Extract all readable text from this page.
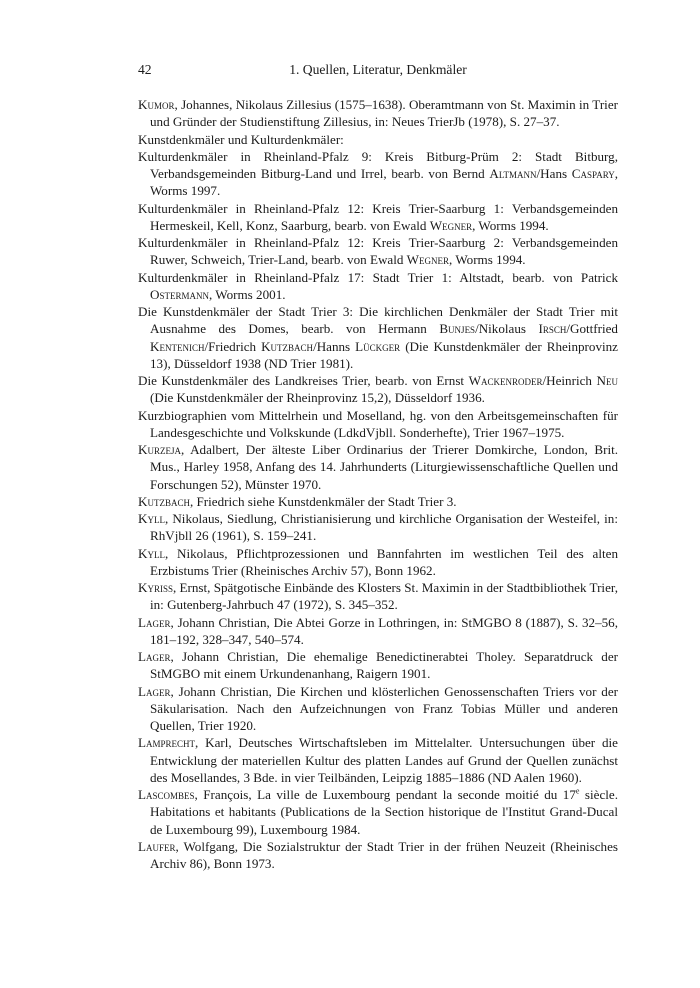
42	1. Quellen, Literatur, Denkmäler

Kumor, Johannes, Nikolaus Zillesius (1575–1638). Oberamtmann von St. Maximin in Trier und Gründer der Studienstiftung Zillesius, in: Neues TrierJb (1978), S. 27–37.

Kunstdenkmäler und Kulturdenkmäler:

Kulturdenkmäler in Rheinland-Pfalz 9: Kreis Bitburg-Prüm 2: Stadt Bitburg, Verbandsgemeinden Bitburg-Land und Irrel, bearb. von Bernd Altmann/Hans Caspary, Worms 1997.

Kulturdenkmäler in Rheinland-Pfalz 12: Kreis Trier-Saarburg 1: Verbandsgemeinden Hermeskeil, Kell, Konz, Saarburg, bearb. von Ewald Wegner, Worms 1994.

Kulturdenkmäler in Rheinland-Pfalz 12: Kreis Trier-Saarburg 2: Verbandsgemeinden Ruwer, Schweich, Trier-Land, bearb. von Ewald Wegner, Worms 1994.

Kulturdenkmäler in Rheinland-Pfalz 17: Stadt Trier 1: Altstadt, bearb. von Patrick Ostermann, Worms 2001.

Die Kunstdenkmäler der Stadt Trier 3: Die kirchlichen Denkmäler der Stadt Trier mit Ausnahme des Domes, bearb. von Hermann Bunjes/Nikolaus Irsch/Gottfried Kentenich/Friedrich Kutzbach/Hanns Lückger (Die Kunstdenkmäler der Rheinprovinz 13), Düsseldorf 1938 (ND Trier 1981).

Die Kunstdenkmäler des Landkreises Trier, bearb. von Ernst Wackenroder/Heinrich Neu (Die Kunstdenkmäler der Rheinprovinz 15,2), Düsseldorf 1936.

Kurzbiographien vom Mittelrhein und Moselland, hg. von den Arbeitsgemeinschaften für Landesgeschichte und Volkskunde (LdkdVjbll. Sonderhefte), Trier 1967–1975.

Kurzeja, Adalbert, Der älteste Liber Ordinarius der Trierer Domkirche, London, Brit. Mus., Harley 1958, Anfang des 14. Jahrhunderts (Liturgiewissenschaftliche Quellen und Forschungen 52), Münster 1970.

Kutzbach, Friedrich siehe Kunstdenkmäler der Stadt Trier 3.

Kyll, Nikolaus, Siedlung, Christianisierung und kirchliche Organisation der Westeifel, in: RhVjbll 26 (1961), S. 159–241.

Kyll, Nikolaus, Pflichtprozessionen und Bannfahrten im westlichen Teil des alten Erzbistums Trier (Rheinisches Archiv 57), Bonn 1962.

Kyriss, Ernst, Spätgotische Einbände des Klosters St. Maximin in der Stadtbibliothek Trier, in: Gutenberg-Jahrbuch 47 (1972), S. 345–352.

Lager, Johann Christian, Die Abtei Gorze in Lothringen, in: StMGBO 8 (1887), S. 32–56, 181–192, 328–347, 540–574.

Lager, Johann Christian, Die ehemalige Benedictinerabtei Tholey. Separatdruck der StMGBO mit einem Urkundenanhang, Raigern 1901.

Lager, Johann Christian, Die Kirchen und klösterlichen Genossenschaften Triers vor der Säkularisation. Nach den Aufzeichnungen von Franz Tobias Müller und anderen Quellen, Trier 1920.

Lamprecht, Karl, Deutsches Wirtschaftsleben im Mittelalter. Untersuchungen über die Entwicklung der materiellen Kultur des platten Landes auf Grund der Quellen zunächst des Mosellandes, 3 Bde. in vier Teilbänden, Leipzig 1885–1886 (ND Aalen 1960).

Lascombes, François, La ville de Luxembourg pendant la seconde moitié du 17e siècle. Habitations et habitants (Publications de la Section historique de l'Institut Grand-Ducal de Luxembourg 99), Luxembourg 1984.

Laufer, Wolfgang, Die Sozialstruktur der Stadt Trier in der frühen Neuzeit (Rheinisches Archiv 86), Bonn 1973.
